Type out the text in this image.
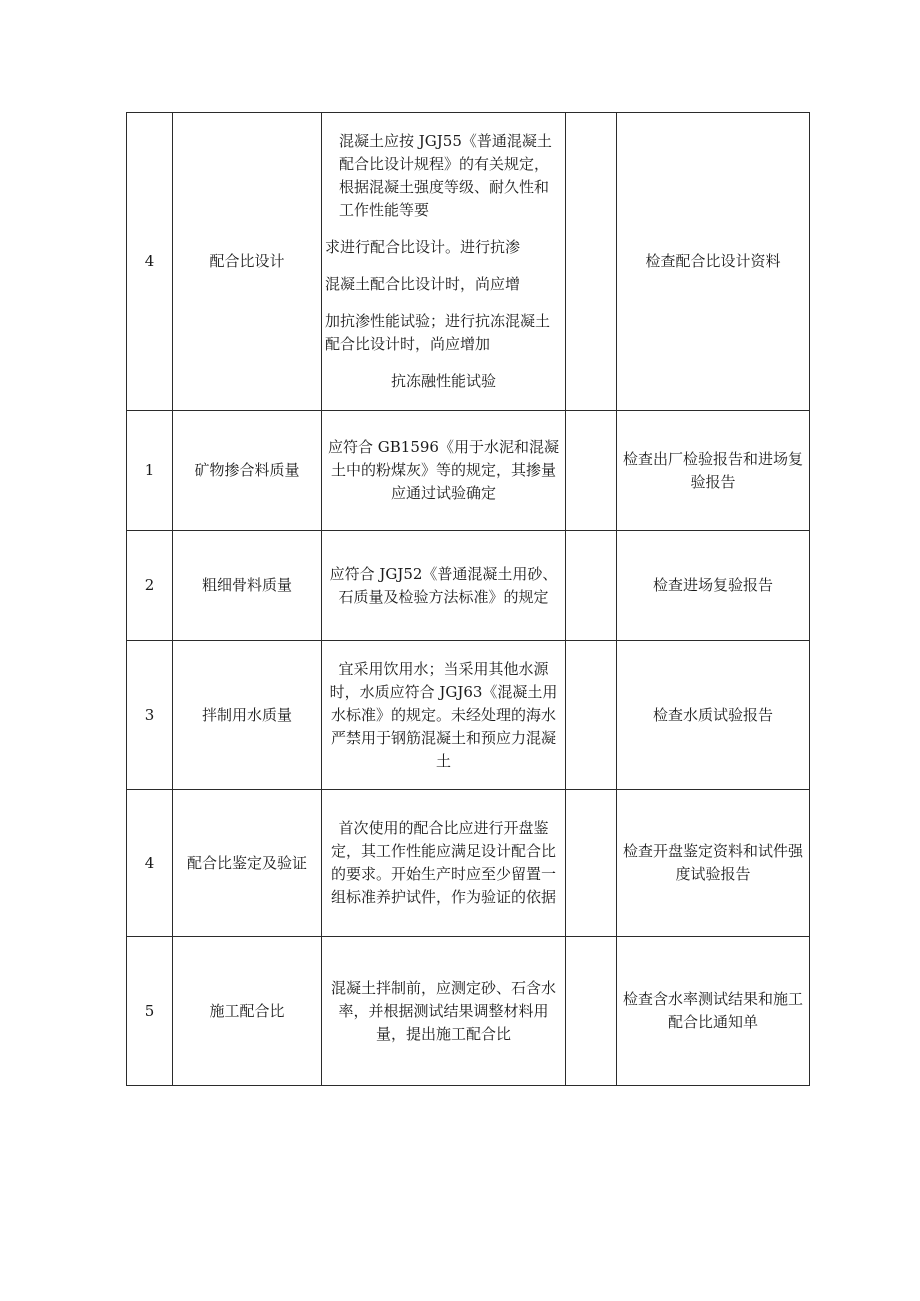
4	配合比设计	混凝土应按 JGJ55《普通混凝土配合比设计规程》的有关规定，根据混凝土强度等级、耐久性和工作性能等要
求进行配合比设计。进行抗渗
混凝土配合比设计时，尚应增
加抗渗性能试验；进行抗冻混凝土配合比设计时，尚应增加
抗冻融性能试验		检查配合比设计资料
1	矿物掺合料质量	应符合 GB1596《用于水泥和混凝土中的粉煤灰》等的规定，其掺量应通过试验确定		检查出厂检验报告和进场复验报告
2	粗细骨料质量	应符合 JGJ52《普通混凝土用砂、石质量及检验方法标准》的规定		检查进场复验报告
3	拌制用水质量	宜采用饮用水；当采用其他水源时，水质应符合 JGJ63《混凝土用水标准》的规定。未经处理的海水严禁用于钢筋混凝土和预应力混凝土		检查水质试验报告
4	配合比鉴定及验证	首次使用的配合比应进行开盘鉴定，其工作性能应满足设计配合比的要求。开始生产时应至少留置一组标准养护试件，作为验证的依据		检查开盘鉴定资料和试件强度试验报告
5	施工配合比	混凝土拌制前，应测定砂、石含水率，并根据测试结果调整材料用量，提出施工配合比		检查含水率测试结果和施工配合比通知单
